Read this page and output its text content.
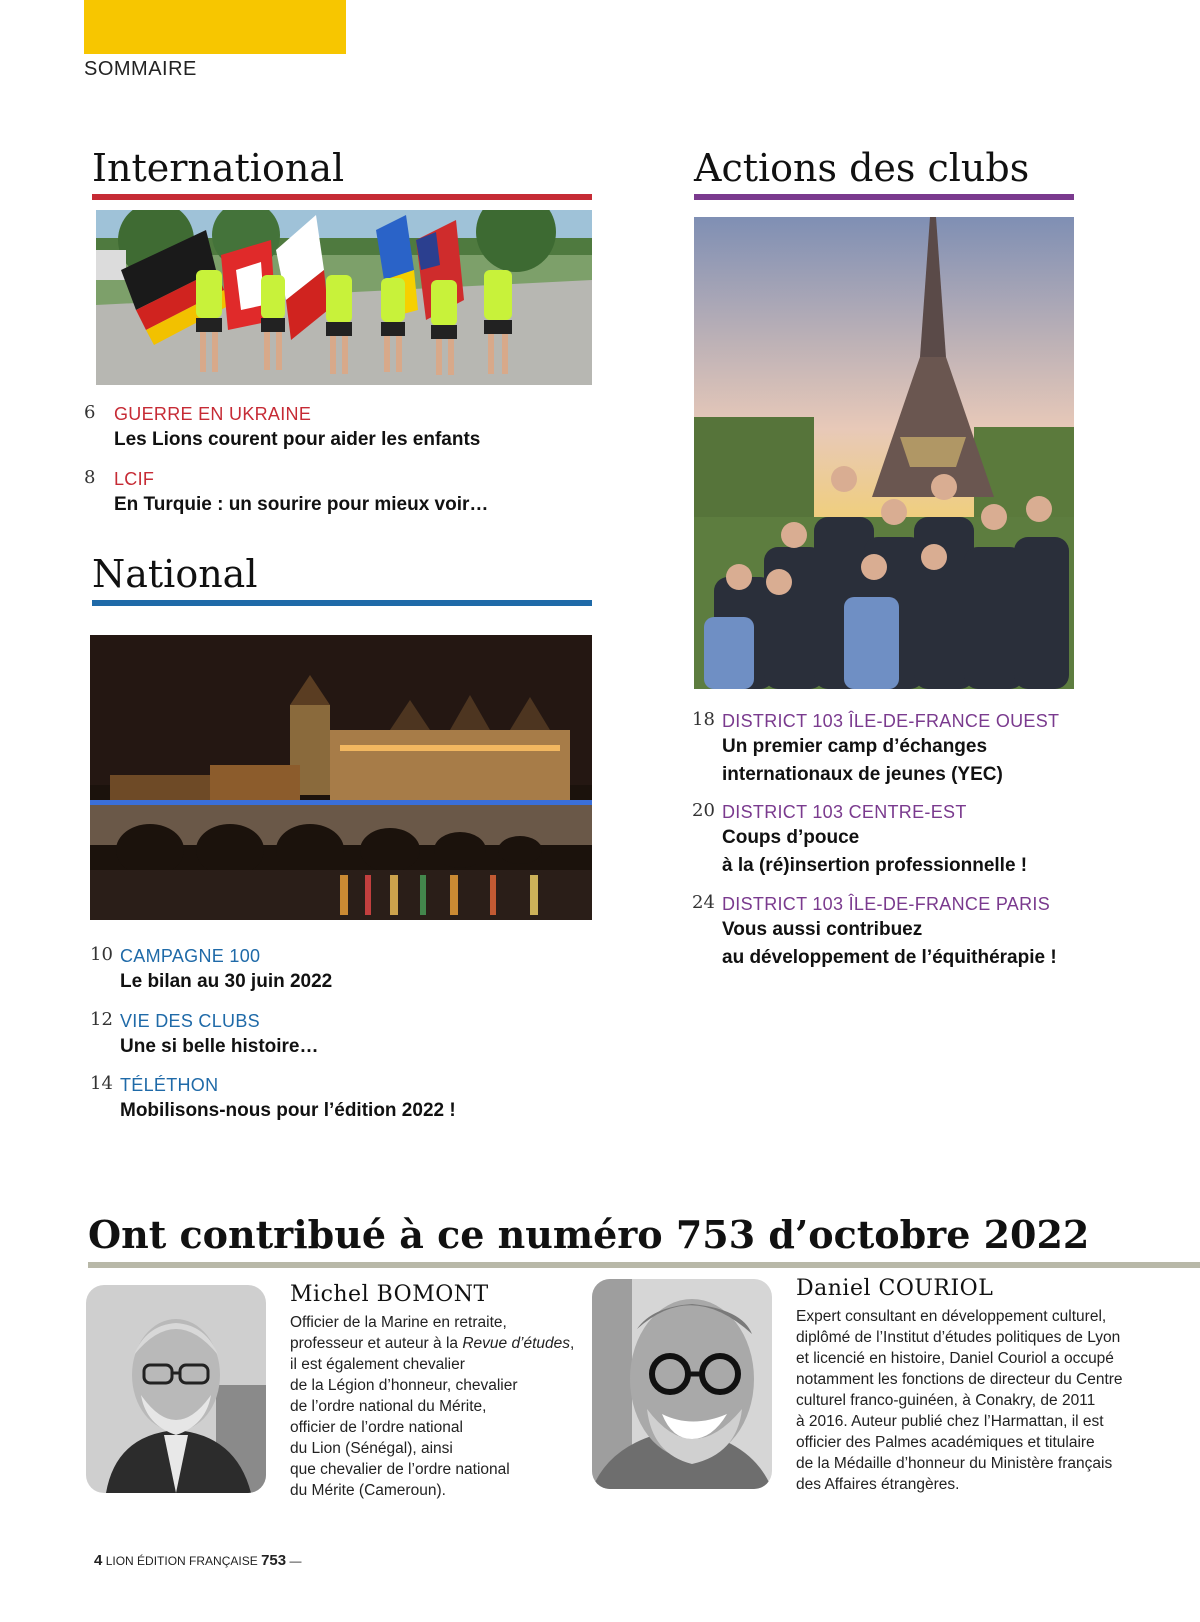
SOMMAIRE
International
6	GUERRE EN UKRAINE
Les Lions courent pour aider les enfants
8	LCIF
En Turquie : un sourire pour mieux voir…
National
10 CAMPAGNE 100
Le bilan au 30 juin 2022
12 VIE DES CLUBS
Une si belle histoire…
14 TÉLÉTHON
Mobilisons-nous pour l’édition 2022 !
Actions des clubs
18 DISTRICT 103 ÎLE-DE-FRANCE OUEST
Un premier camp d’échanges
internationaux de jeunes (YEC)
20 DISTRICT 103 CENTRE-EST
Coups d’pouce
à la (ré)insertion professionnelle !
24 DISTRICT 103 ÎLE-DE-FRANCE PARIS
Vous aussi contribuez
au développement de l’équithérapie !
Ont contribué à ce numéro 753 d’octobre 2022
Michel BOMONT
Officier de la Marine en retraite,
professeur et auteur à la Revue d’études,
il est également chevalier
de la Légion d’honneur, chevalier
de l’ordre national du Mérite,
officier de l’ordre national
du Lion (Sénégal), ainsi
que chevalier de l’ordre national
du Mérite (Cameroun).
Daniel COURIOL
Expert consultant en développement culturel,
diplômé de l’Institut d’études politiques de Lyon
et licencié en histoire, Daniel Couriol a occupé
notamment les fonctions de directeur du Centre
culturel franco-guinéen, à Conakry, de 2011
à 2016. Auteur publié chez l’Harmattan, il est
officier des Palmes académiques et titulaire
de la Médaille d’honneur du Ministère français
des Affaires étrangères.
4 LION ÉDITION FRANÇAISE 753 —
